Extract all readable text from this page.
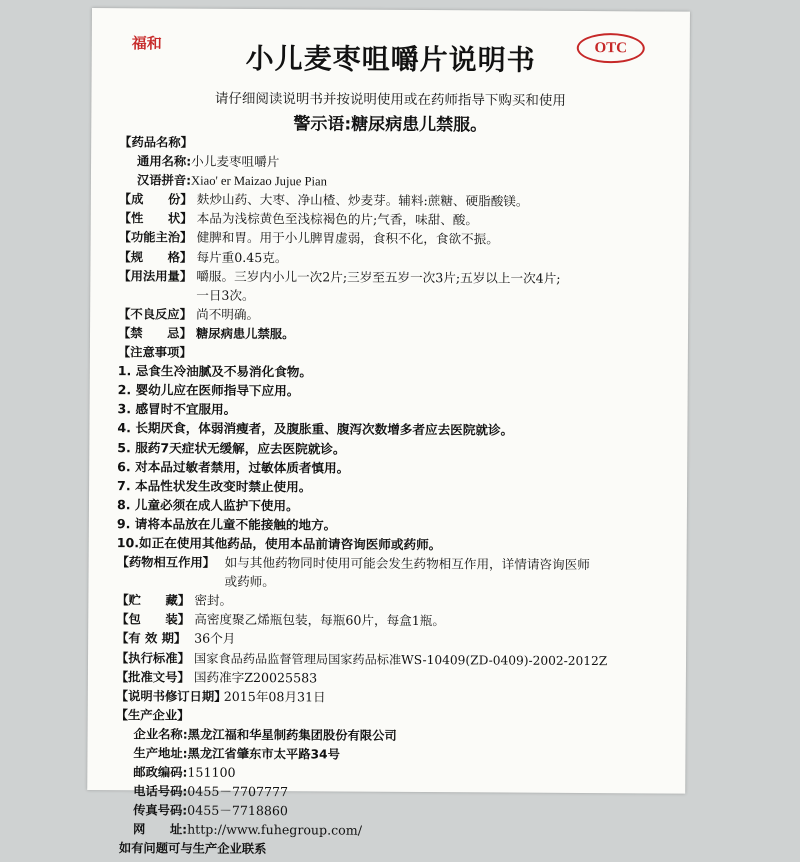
福和	OTC
小儿麦枣咀嚼片说明书
请仔细阅读说明书并按说明使用或在药师指导下购买和使用
警示语:糖尿病患儿禁服。
【药品名称】
通用名称:小儿麦枣咀嚼片
汉语拼音:Xiao' er Maizao Jujue Pian
【成　　份】 麸炒山药、大枣、净山楂、炒麦芽。辅料:蔗糖、硬脂酸镁。
【性　　状】 本品为浅棕黄色至浅棕褐色的片;气香，味甜、酸。
【功能主治】 健脾和胃。用于小儿脾胃虚弱，食积不化，食欲不振。
【规　　格】 每片重0.45克。
【用法用量】 嚼服。三岁内小儿一次2片;三岁至五岁一次3片;五岁以上一次4片;
一日3次。
【不良反应】 尚不明确。
【禁　　忌】 糖尿病患儿禁服。
【注意事项】
1. 忌食生冷油腻及不易消化食物。
2. 婴幼儿应在医师指导下应用。
3. 感冒时不宜服用。
4. 长期厌食，体弱消瘦者，及腹胀重、腹泻次数增多者应去医院就诊。
5. 服药7天症状无缓解，应去医院就诊。
6. 对本品过敏者禁用，过敏体质者慎用。
7. 本品性状发生改变时禁止使用。
8. 儿童必须在成人监护下使用。
9. 请将本品放在儿童不能接触的地方。
10.如正在使用其他药品，使用本品前请咨询医师或药师。
【药物相互作用】 如与其他药物同时使用可能会发生药物相互作用，详情请咨询医师
或药师。
【贮　　藏】 密封。
【包　　装】 高密度聚乙烯瓶包装，每瓶60片，每盒1瓶。
【有 效 期】 36个月
【执行标准】 国家食品药品监督管理局国家药品标准WS-10409(ZD-0409)-2002-2012Z
【批准文号】 国药准字Z20025583
【说明书修订日期】2015年08月31日
【生产企业】
企业名称:黑龙江福和华星制药集团股份有限公司
生产地址:黑龙江省肇东市太平路34号
邮政编码:151100
电话号码:0455－7707777
传真号码:0455－7718860
网　　址:http://www.fuhegroup.com/
如有问题可与生产企业联系
